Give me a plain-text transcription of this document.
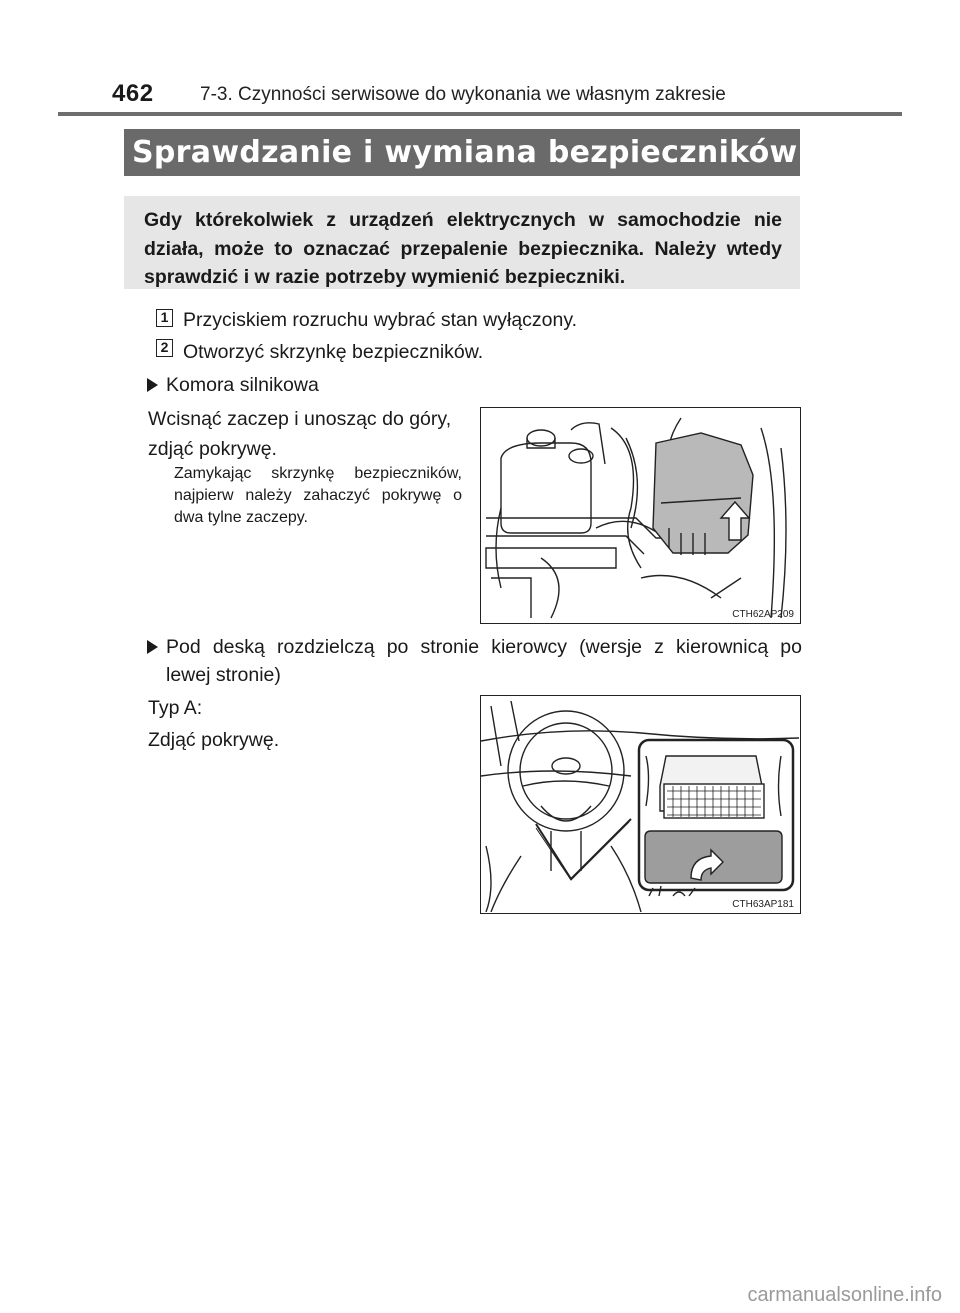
462 7-3. Czynności serwisowe do wykonania we własnym zakresie
Sprawdzanie i wymiana bezpieczników
Gdy którekolwiek z urządzeń elektrycznych w samochodzie nie działa, może to oznaczać przepalenie bezpiecznika. Należy wtedy sprawdzić i w razie potrzeby wymienić bezpieczniki.
1 Przyciskiem rozruchu wybrać stan wyłączony.
2 Otworzyć skrzynkę bezpieczników.
Komora silnikowa
Wcisnąć zaczep i unosząc do góry,
zdjąć pokrywę.
Zamykając skrzynkę bezpieczników, najpierw należy zahaczyć pokrywę o dwa tylne zaczepy.
CTH62AP209
Pod deską rozdzielczą po stronie kierowcy (wersje z kierownicą po
lewej stronie)
Typ A:
Zdjąć pokrywę.
CTH63AP181
carmanualsonline.info
